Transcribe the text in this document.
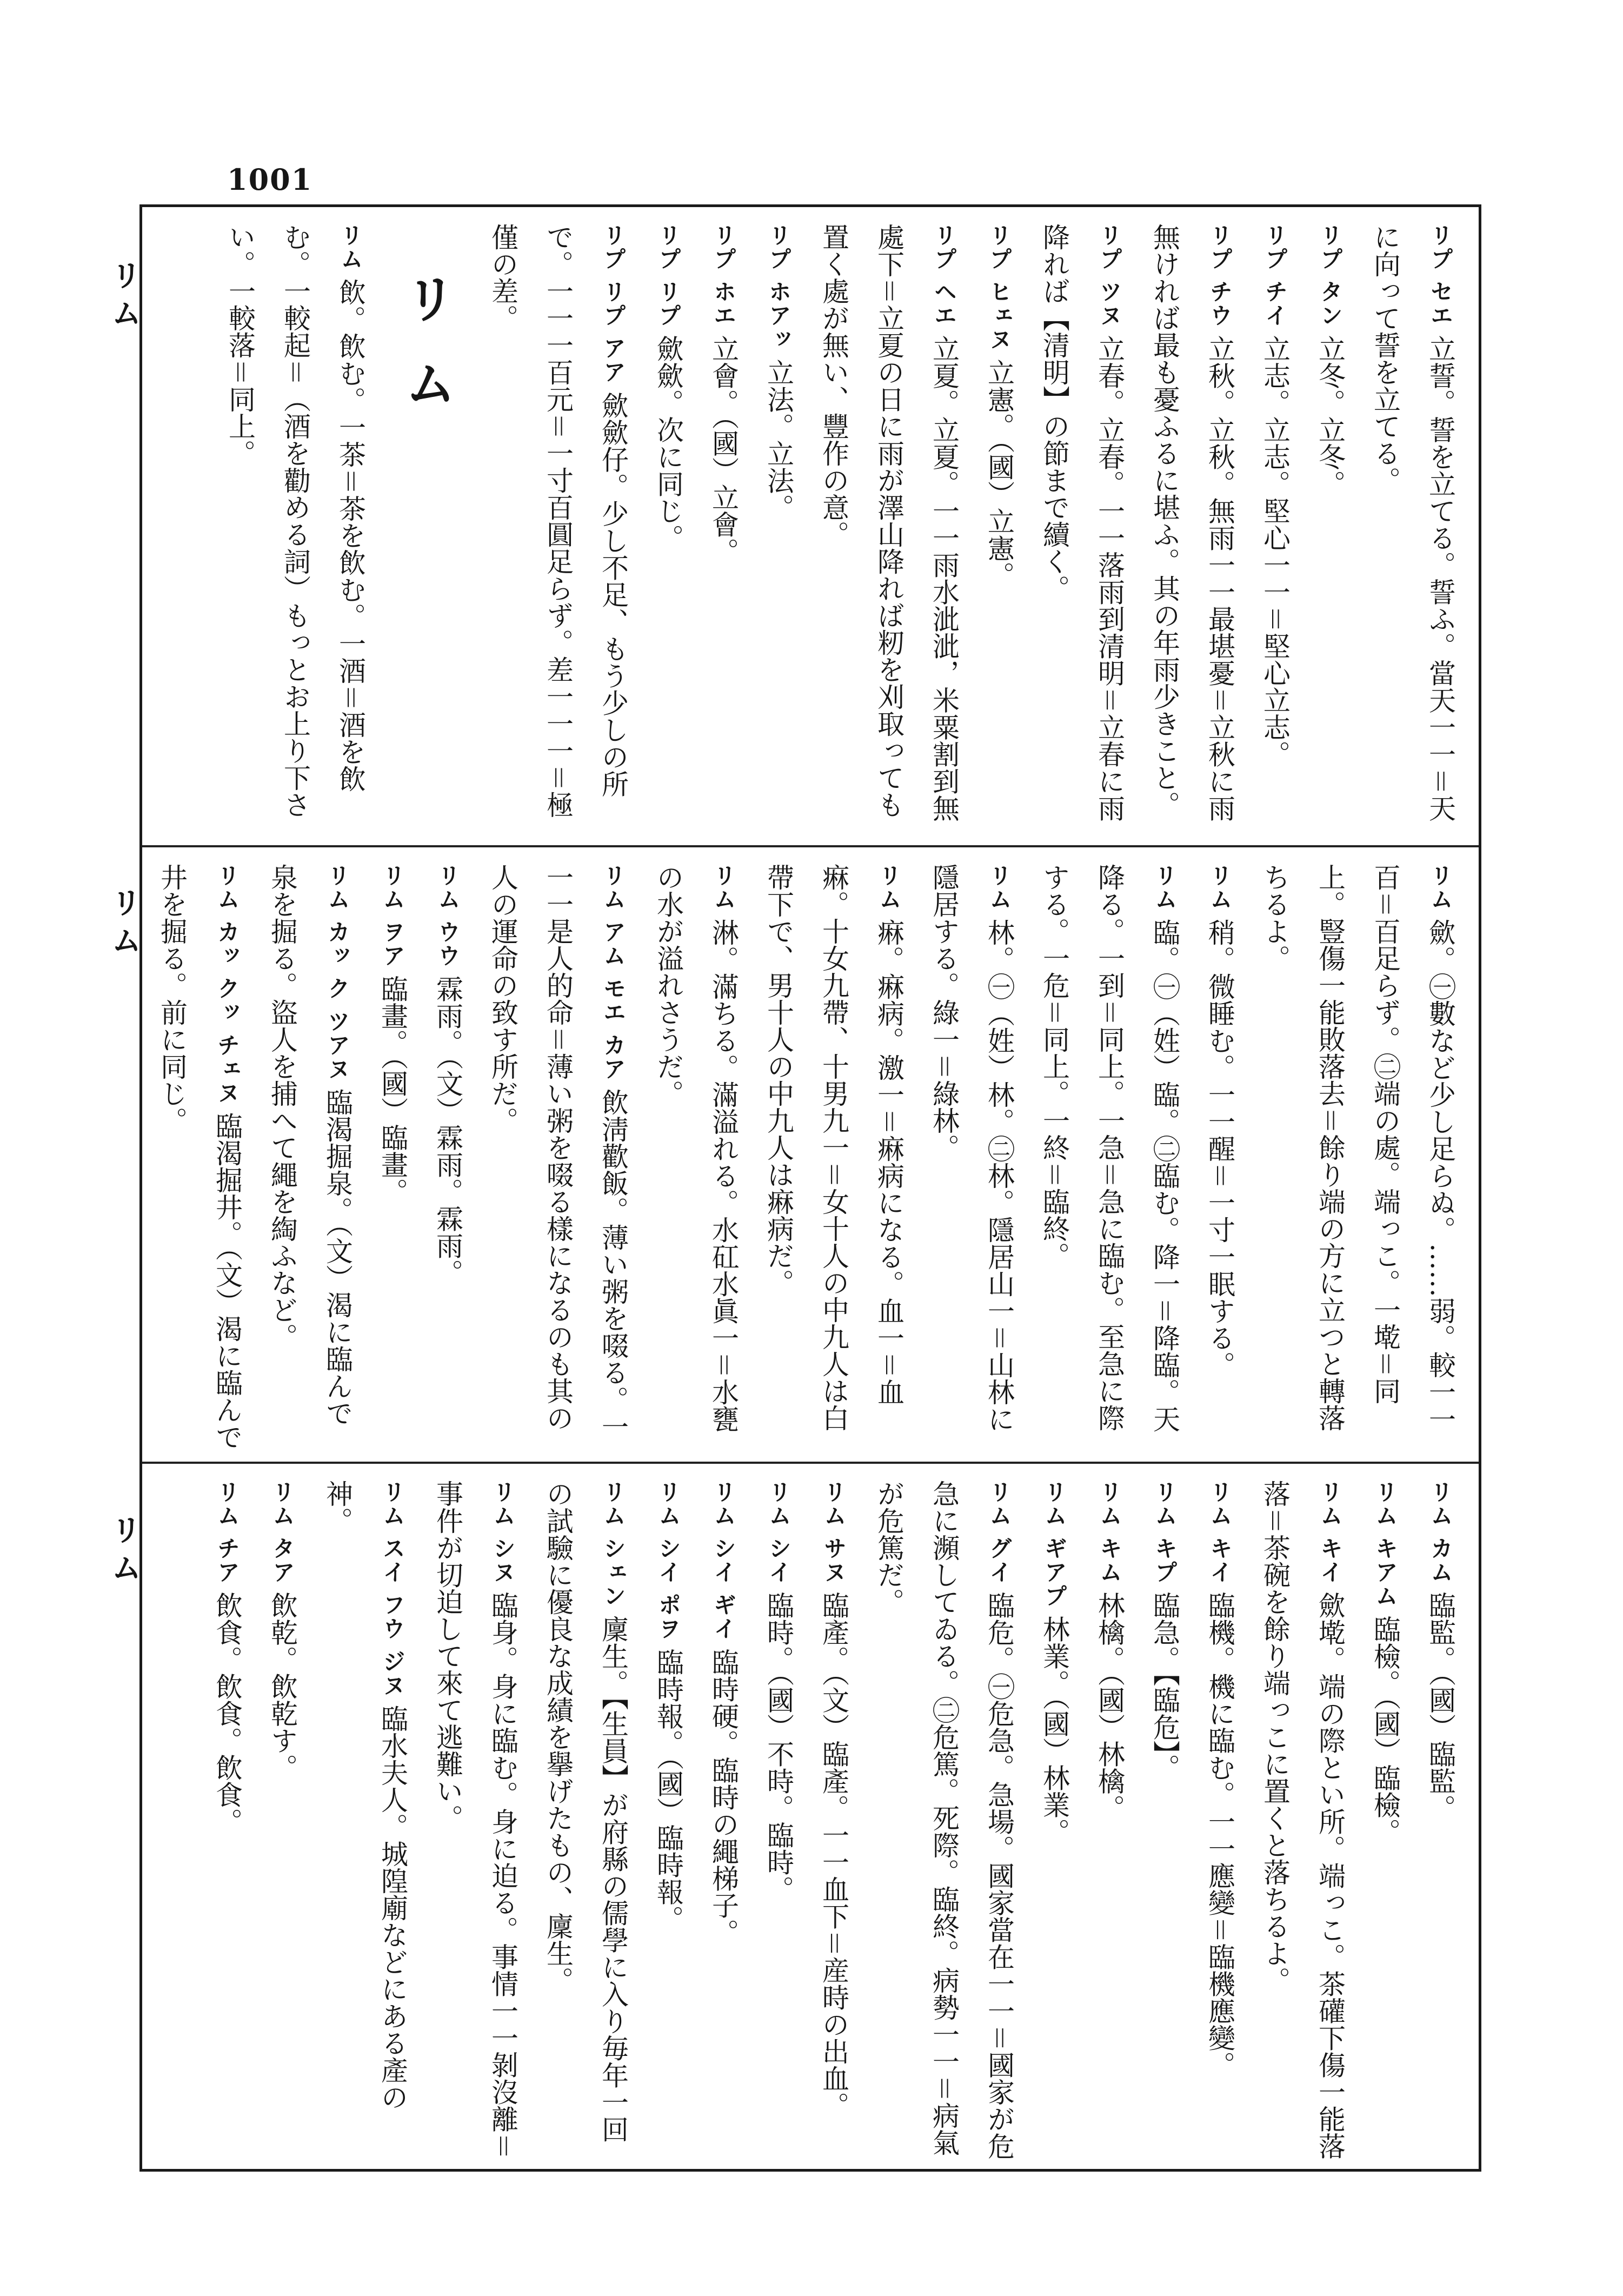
1001
リム
リム
リム
リプ セエ立誓。誓を立てる。誓ふ。當天一一＝天に向って誓を立てる。
リプ タン立冬。立冬。
リプ チイ立志。立志。堅心一一＝堅心立志。
リプ チウ立秋。立秋。無雨一一最堪憂＝立秋に雨無ければ最も憂ふるに堪ふ。其の年雨少きこと。
リプ ツヌ立春。立春。一一落雨到清明＝立春に雨降れば【清明】の節まで續く。
リプ ヒェヌ立憲。（國）立憲。
リプ ヘエ立夏。立夏。一一雨水泚泚，米粟割到無處下＝立夏の日に雨が澤山降れば籾を刈取っても置く處が無い、豐作の意。
リプ ホアッ立法。立法。
リプ ホエ立會。（國）立會。
リプ リプ歛歛。次に同じ。
リプ リプ アア歛歛仔。少し不足、もう少しの所で。一一一百元＝一寸百圓足らず。差一一一＝極僅の差。
リム
リム飲。飲む。一茶＝茶を飲む。一酒＝酒を飲む。一較起＝（酒を勸める詞）もっとお上り下さい。一較落＝同上。
リム歛。㊀數など少し足らぬ。……弱。較一一百＝百足らず。㊁端の處。端っこ。一墘＝同上。豎傷一能敗落去＝餘り端の方に立つと轉落ちるよ。
リム稍。微睡む。一一醒＝一寸一眠する。
リム臨。㊀（姓）臨。㊁臨む。降一＝降臨。天降る。一到＝同上。一急＝急に臨む。至急に際する。一危＝同上。一終＝臨終。
リム林。㊀（姓）林。㊁林。隱居山一＝山林に隱居する。綠一＝綠林。
リム痳。痳病。激一＝痳病になる。血一＝血痳。十女九帶、十男九一＝女十人の中九人は白帶下で、男十人の中九人は痳病だ。
リム淋。滿ちる。滿溢れる。水矼水眞一＝水甕の水が溢れさうだ。
リム アム モエ カア飲淸歡飯。薄い粥を啜る。一一一是人的命＝薄い粥を啜る樣になるのも其の人の運命の致す所だ。
リム ウウ霖雨。（文）霖雨。霖雨。
リム ヲア臨畫。（國）臨畫。
リム カッ ク ツアヌ臨渴掘泉。（文）渴に臨んで泉を掘る。盜人を捕へて繩を綯ふなど。
リム カッ クッ チェヌ臨渴掘井。（文）渴に臨んで井を掘る。前に同じ。
リム カム臨監。（國）臨監。
リム キアム臨檢。（國）臨檢。
リム キイ歛墘。端の際とい所。端っこ。茶礶下傷一能落落＝茶碗を餘り端っこに置くと落ちるよ。
リム キイ臨機。機に臨む。一一應變＝臨機應變。
リム キプ臨急。【臨危】。
リム キム林檎。（國）林檎。
リム ギアプ林業。（國）林業。
リム グイ臨危。㊀危急。急場。國家當在一一＝國家が危急に瀕してゐる。㊁危篤。死際。臨終。病勢一一＝病氣が危篤だ。
リム サヌ臨產。（文）臨產。一一血下＝産時の出血。
リム シイ臨時。（國）不時。臨時。
リム シイ ギイ臨時硬。臨時の繩梯子。
リム シイ ポヲ臨時報。（國）臨時報。
リム シェン廩生。【生員】が府縣の儒學に入り毎年一回の試驗に優良な成績を擧げたもの、廩生。
リム シヌ臨身。身に臨む。身に迫る。事情一一剝沒離＝事件が切迫して來て逃難い。
リム スイ フウ ジヌ臨水夫人。城隍廟などにある產の神。
リム タア飲乾。飲乾す。
リム チア飲食。飲食。飲食。
